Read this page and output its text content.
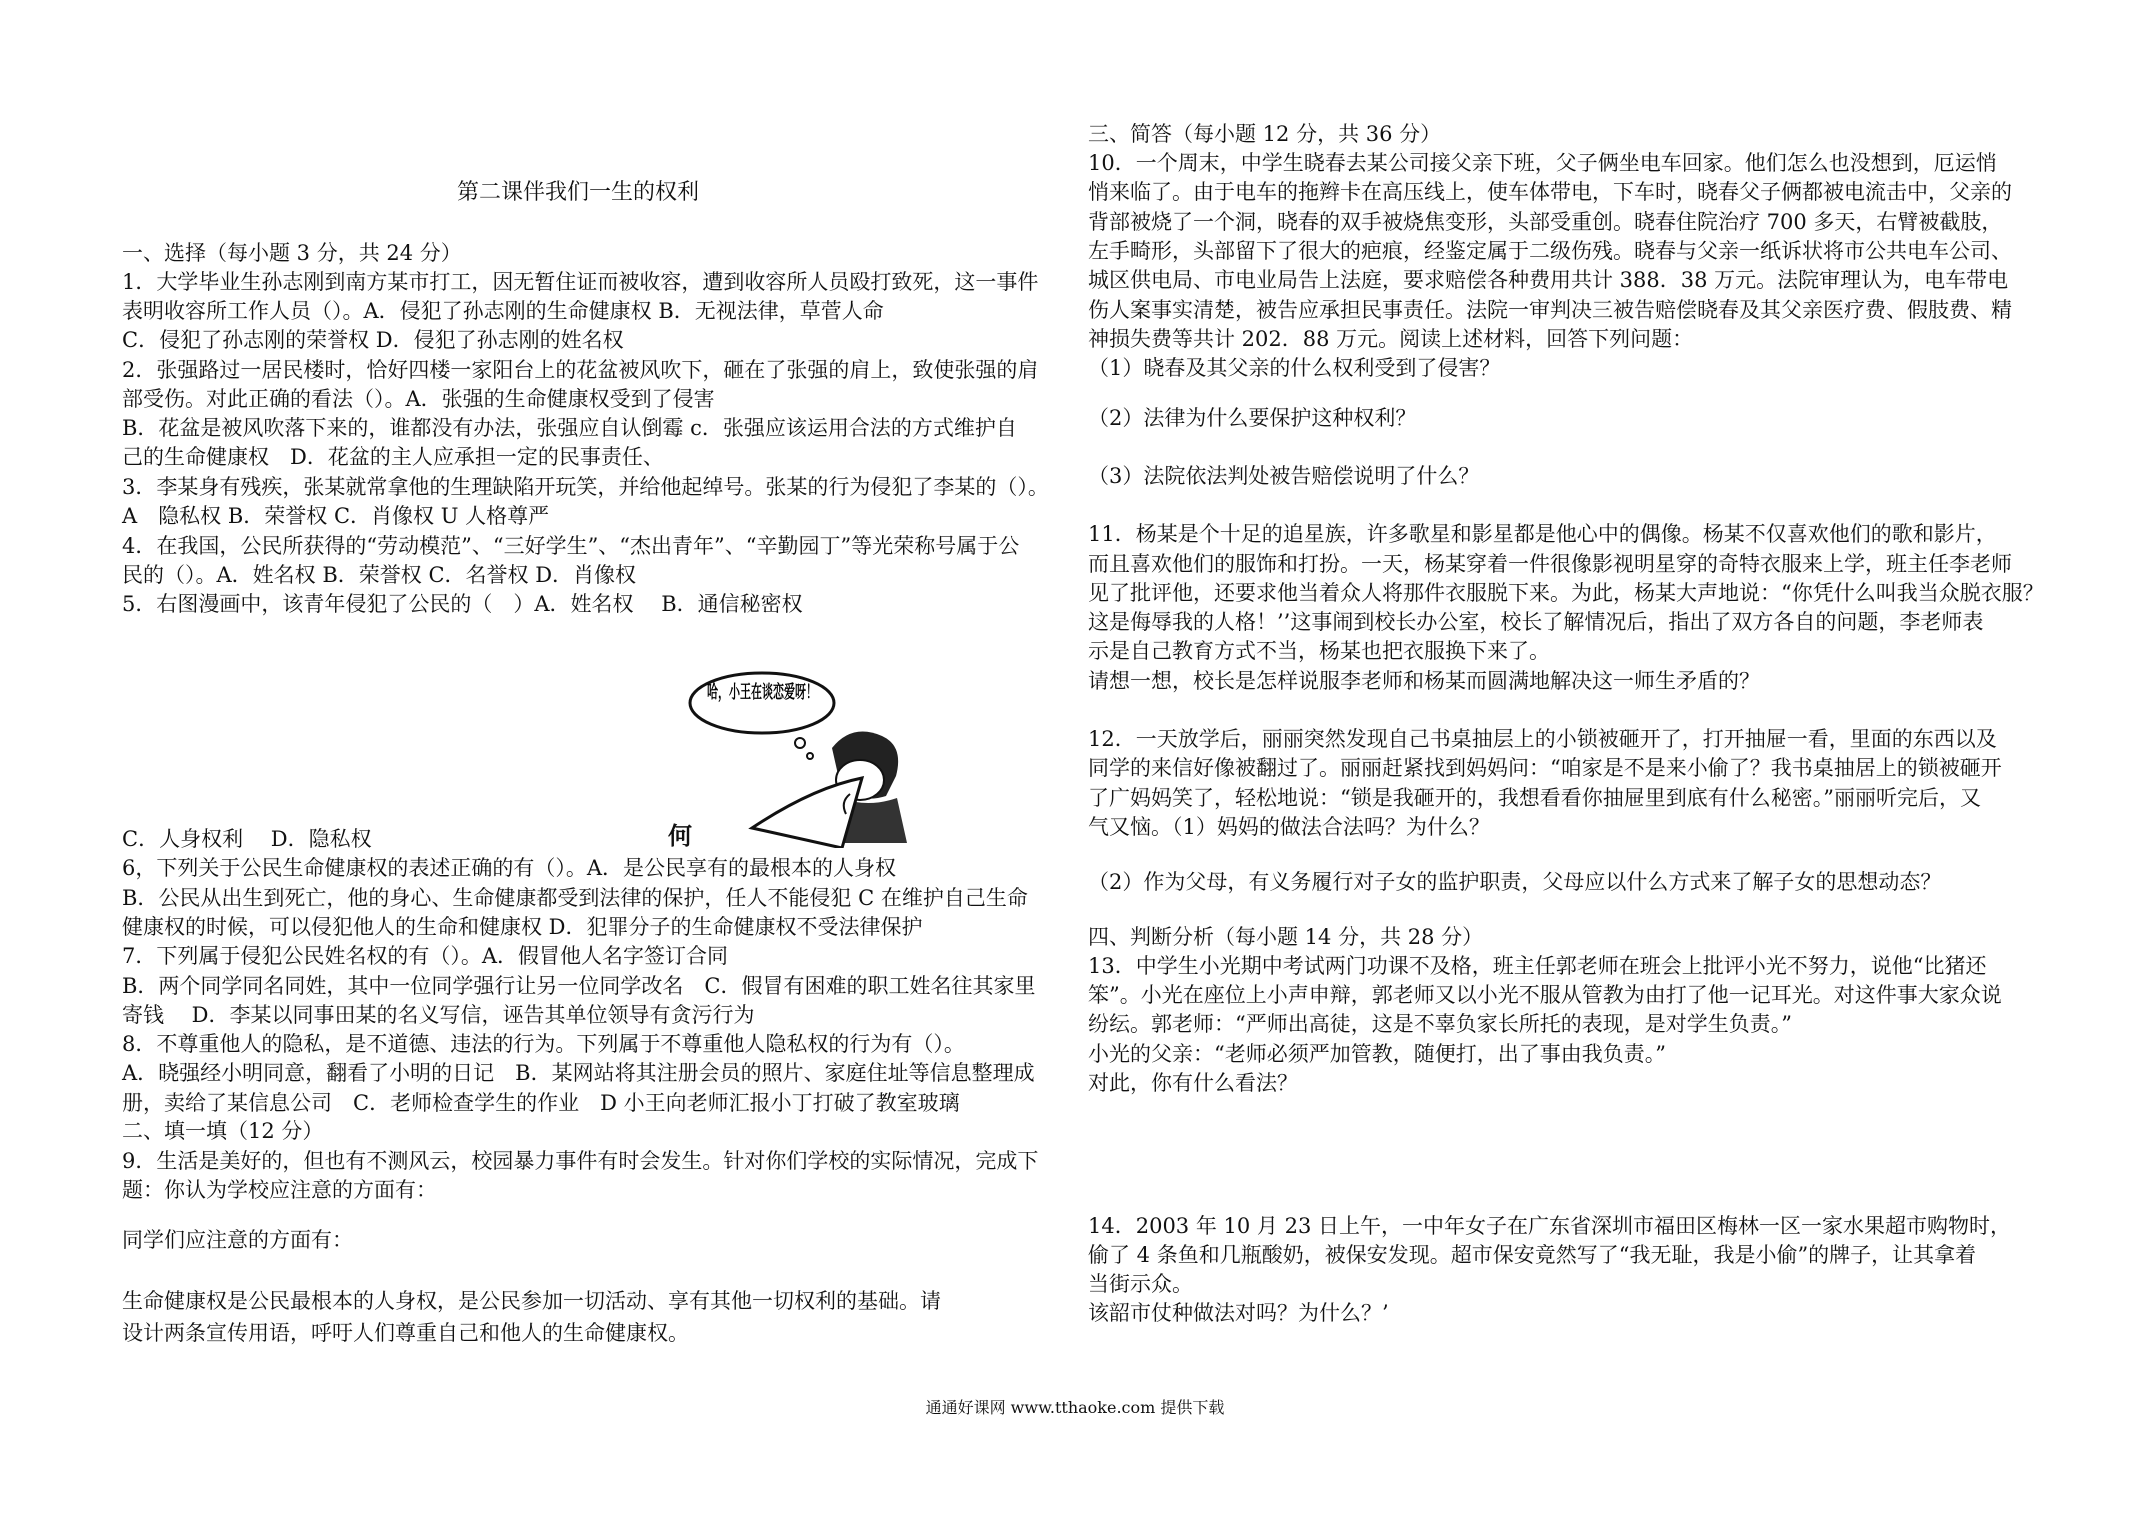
第二课伴我们一生的权利
一、选择（每小题 3 分，共 24 分）
1．大学毕业生孙志刚到南方某市打工，因无暂住证而被收容，遭到收容所人员殴打致死，这一事件
表明收容所工作人员（）。A．侵犯了孙志刚的生命健康权 B．无视法律，草菅人命
C．侵犯了孙志刚的荣誉权 D．侵犯了孙志刚的姓名权
2．张强路过一居民楼时，恰好四楼一家阳台上的花盆被风吹下，砸在了张强的肩上，致使张强的肩
部受伤。对此正确的看法（）。A．张强的生命健康权受到了侵害
B．花盆是被风吹落下来的，谁都没有办法，张强应自认倒霉 c．张强应该运用合法的方式维护自
己的生命健康权　D．花盆的主人应承担一定的民事责任、
3．李某身有残疾，张某就常拿他的生理缺陷开玩笑，并给他起绰号。张某的行为侵犯了李某的（）。
A　隐私权 B．荣誉权 C．肖像权 U 人格尊严
4．在我国，公民所获得的“劳动模范”、“三好学生”、“杰出青年”、“辛勤园丁”等光荣称号属于公
民的（）。A．姓名权 B．荣誉权 C．名誉权 D．肖像权
5．右图漫画中，该青年侵犯了公民的（　）A．姓名权　 B．通信秘密权
哈，小王在谈恋爱呀！
何
C．人身权利　 D．隐私权
6，下列关于公民生命健康权的表述正确的有（）。A．是公民享有的最根本的人身权
B．公民从出生到死亡，他的身心、生命健康都受到法律的保护，任人不能侵犯 C 在维护自己生命
健康权的时候，可以侵犯他人的生命和健康权 D．犯罪分子的生命健康权不受法律保护
7．下列属于侵犯公民姓名权的有（）。A．假冒他人名字签订合同
B．两个同学同名同姓，其中一位同学强行让另一位同学改名　C．假冒有困难的职工姓名往其家里
寄钱　 D．李某以同事田某的名义写信，诬告其单位领导有贪污行为
8．不尊重他人的隐私，是不道德、违法的行为。下列属于不尊重他人隐私权的行为有（）。
A．晓强经小明同意，翻看了小明的日记　B．某网站将其注册会员的照片、家庭住址等信息整理成
册，卖给了某信息公司　C．老师检查学生的作业　D 小王向老师汇报小丁打破了教室玻璃
二、填一填（12 分）
9．生活是美好的，但也有不测风云，校园暴力事件有时会发生。针对你们学校的实际情况，完成下
题：你认为学校应注意的方面有：
同学们应注意的方面有：
生命健康权是公民最根本的人身权，是公民参加一切活动、享有其他一切权利的基础。请
设计两条宣传用语，呼吁人们尊重自己和他人的生命健康权。
三、简答（每小题 12 分，共 36 分）
10．一个周末，中学生晓春去某公司接父亲下班，父子俩坐电车回家。他们怎么也没想到，厄运悄
悄来临了。由于电车的拖辫卡在高压线上，使车体带电，下车时，晓春父子俩都被电流击中，父亲的
背部被烧了一个洞，晓春的双手被烧焦变形，头部受重创。晓春住院治疗 700 多天，右臂被截肢，
左手畸形，头部留下了很大的疤痕，经鉴定属于二级伤残。晓春与父亲一纸诉状将市公共电车公司、
城区供电局、市电业局告上法庭，要求赔偿各种费用共计 388．38 万元。法院审理认为，电车带电
伤人案事实清楚，被告应承担民事责任。法院一审判决三被告赔偿晓春及其父亲医疗费、假肢费、精
神损失费等共计 202．88 万元。阅读上述材料，回答下列问题：
（1）晓春及其父亲的什么权利受到了侵害？
（2）法律为什么要保护这种权利？
（3）法院依法判处被告赔偿说明了什么？
11．杨某是个十足的追星族，许多歌星和影星都是他心中的偶像。杨某不仅喜欢他们的歌和影片，
而且喜欢他们的服饰和打扮。一天，杨某穿着一件很像影视明星穿的奇特衣服来上学，班主任李老师
见了批评他，还要求他当着众人将那件衣服脱下来。为此，杨某大声地说：“你凭什么叫我当众脱衣服？
这是侮辱我的人格！’’这事闹到校长办公室，校长了解情况后，指出了双方各自的问题，李老师表
示是自己教育方式不当，杨某也把衣服换下来了。
请想一想，校长是怎样说服李老师和杨某而圆满地解决这一师生矛盾的？
12．一天放学后，丽丽突然发现自己书桌抽层上的小锁被砸开了，打开抽屉一看，里面的东西以及
同学的来信好像被翻过了。丽丽赶紧找到妈妈问：“咱家是不是来小偷了？我书桌抽居上的锁被砸开
了广妈妈笑了，轻松地说：“锁是我砸开的，我想看看你抽屉里到底有什么秘密。”丽丽听完后，又
气又恼。（1）妈妈的做法合法吗？为什么？
（2）作为父母，有义务履行对子女的监护职责，父母应以什么方式来了解子女的思想动态？
四、判断分析（每小题 14 分，共 28 分）
13．中学生小光期中考试两门功课不及格，班主任郭老师在班会上批评小光不努力，说他“比猪还
笨”。小光在座位上小声申辩，郭老师又以小光不服从管教为由打了他一记耳光。对这件事大家众说
纷纭。郭老师：“严师出高徒，这是不辜负家长所托的表现，是对学生负责。”
小光的父亲：“老师必须严加管教，随便打，出了事由我负责。”
对此，你有什么看法？
14．2003 年 10 月 23 日上午，一中年女子在广东省深圳市福田区梅林一区一家水果超市购物时，
偷了 4 条鱼和几瓶酸奶，被保安发现。超市保安竟然写了“我无耻，我是小偷”的牌子，让其拿着
当街示众。
该韶市仗种做法对吗？为什么？’
通通好课网 www.tthaoke.com 提供下载
